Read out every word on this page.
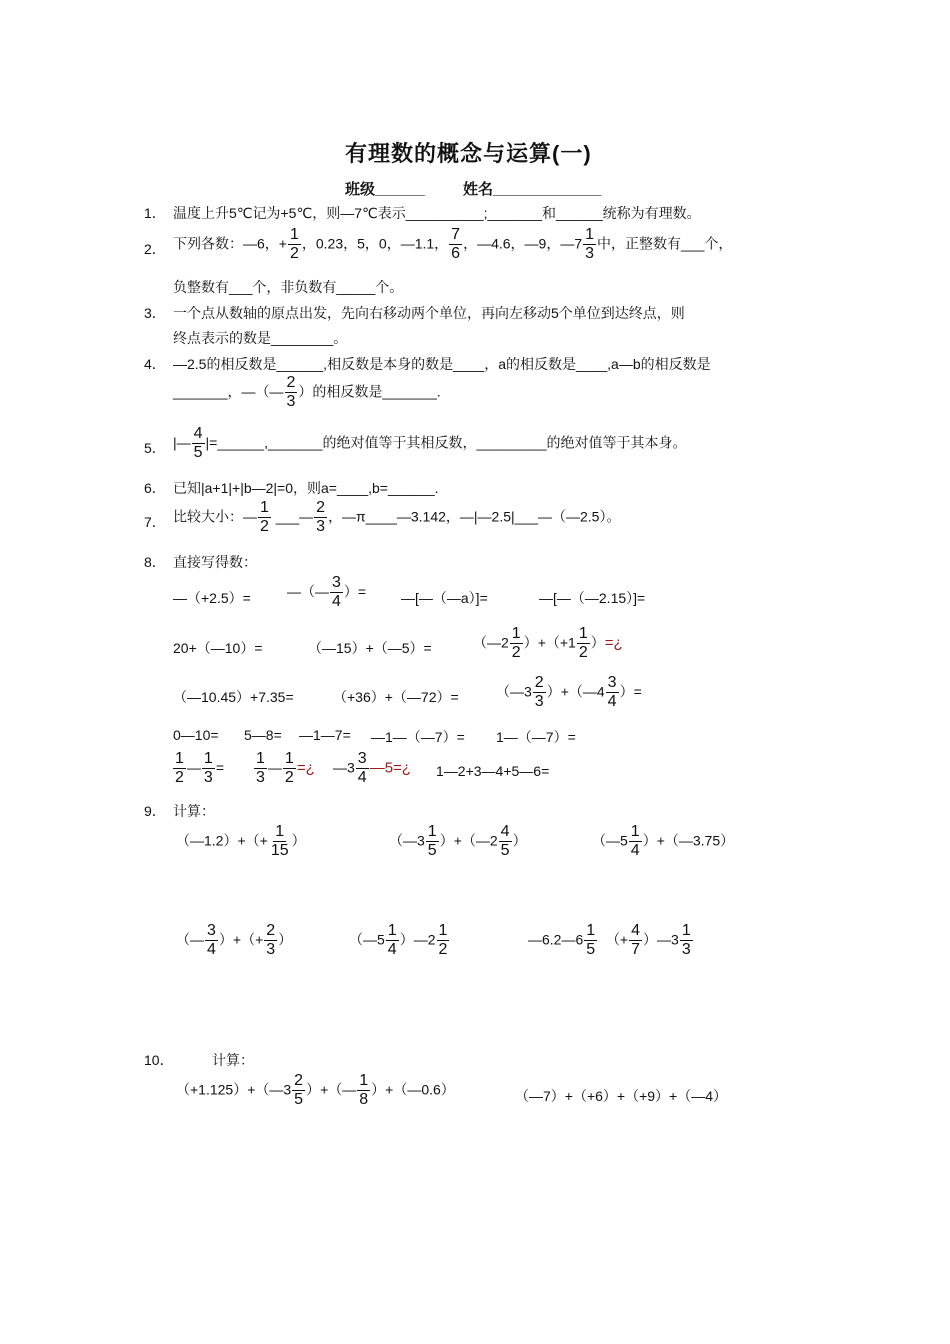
有理数的概念与运算(一)
班级______	姓名_____________
1． 温度上升5℃记为+5℃，则—7℃表示__________;_______和______统称为有理数。
2． 下列各数：—6，+ $\frac{1}{2}$ ，0.23，5，0，—1.1， $\frac{7}{6}$ ，—4.6，—9，—7 $\frac{1}{3}$ 中，正整数有___个，
负整数有___个，非负数有_____个。
3． 一个点从数轴的原点出发，先向右移动两个单位，再向左移动5个单位到达终点，则
终点表示的数是________。
4． —2.5的相反数是______,相反数是本身的数是____，a的相反数是____,a—b的相反数是
_______，—（— $\frac{2}{3}$ ）的相反数是_______.
5． |— $\frac{4}{5}$ |=______,_______的绝对值等于其相反数，_________的绝对值等于其本身。
6． 已知|a+1|+|b—2|=0，则a=____,b=______.
7． 比较大小：— $\frac{1}{2}$ ___— $\frac{2}{3}$ ，—π____—3.142，—|—2.5|___—（—2.5）。
8． 直接写得数：
—（+2.5）=	—（— $\frac{3}{4}$ ）= —[—（—a）]=	—[—（—2.15）]=
20+（—10）=	（—15）+（—5）=	（—2 $\frac{1}{2} )+(+1 \frac{1}{2}$ ）=¿
（—10.45）+7.35=	（+36）+（—72）=	（—3 $\frac{2}{3}$ ）+（—4 $\frac{3}{4}$ ）=
0—10= 5—8= —1—7= —1—（—7）= 1—（—7）=
$\frac{1}{2}$ — $\frac{1}{3} = \frac{1}{3}$ — $\frac{1}{2}$ =¿ —3 $\frac{3}{4}$ —5=¿ 1—2+3—4+5—6=
9． 计算：
（—1.2）+（+ $\frac{1}{15}$ ）	（—3 $\frac{1}{5}$ ）+（—2 $\frac{4}{5}$ ）	（—5 $\frac{1}{4}$ ）+（—3.75）
（— $\frac{3}{4}$ ）+（+ $\frac{2}{3}$ ）	（—5 $\frac{1}{4}$ ）—2 $\frac{1}{2}$	—6.2—6 $\frac{1}{5}$ （+ $\frac{4}{7}$ ）—3 $\frac{1}{3}$
10．	计算：
（+1.125）+（—3 $\frac{2}{5}$ ）+（— $\frac{1}{8}$ ）+（—0.6）	（—7）+（+6）+（+9）+（—4）
